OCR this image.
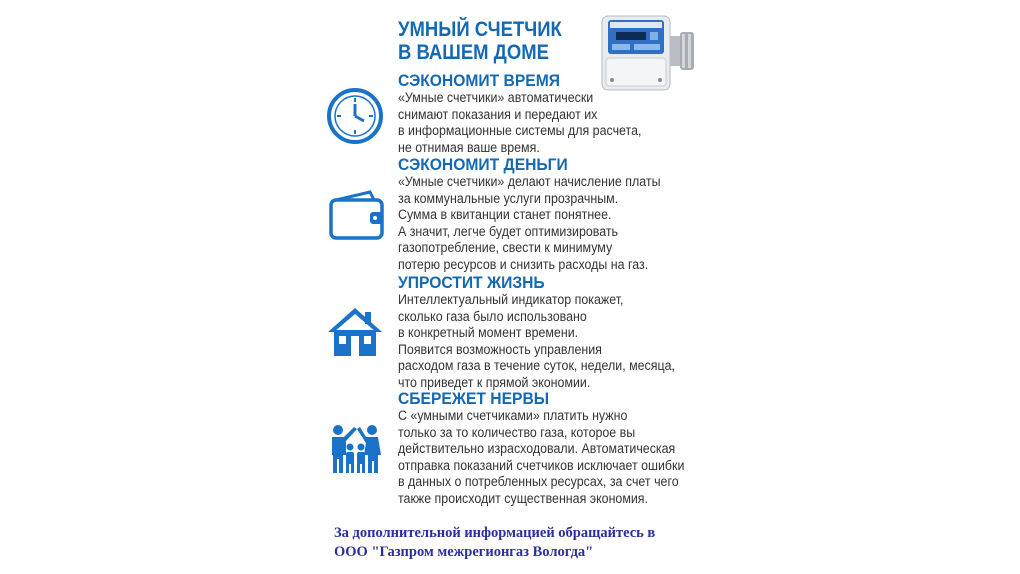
УМНЫЙ СЧЕТЧИК
В ВАШЕМ ДОМЕ
СЭКОНОМИТ ВРЕМЯ
«Умные счетчики» автоматически
снимают показания и передают их
в информационные системы для расчета,
не отнимая ваше время.
СЭКОНОМИТ ДЕНЬГИ
«Умные счетчики» делают начисление платы
за коммунальные услуги прозрачным.
Сумма в квитанции станет понятнее.
А значит, легче будет оптимизировать
газопотребление, свести к минимуму
потерю ресурсов и снизить расходы на газ.
УПРОСТИТ ЖИЗНЬ
Интеллектуальный индикатор покажет,
сколько газа было использовано
в конкретный момент времени.
Появится возможность управления
расходом газа в течение суток, недели, месяца,
что приведет к прямой экономии.
СБЕРЕЖЕТ НЕРВЫ
С «умными счетчиками» платить нужно
только за то количество газа, которое вы
действительно израсходовали. Автоматическая
отправка показаний счетчиков исключает ошибки
в данных о потребленных ресурсах, за счет чего
также происходит существенная экономия.
За дополнительной информацией обращайтесь в
ООО "Газпром межрегионгаз Вологда"
